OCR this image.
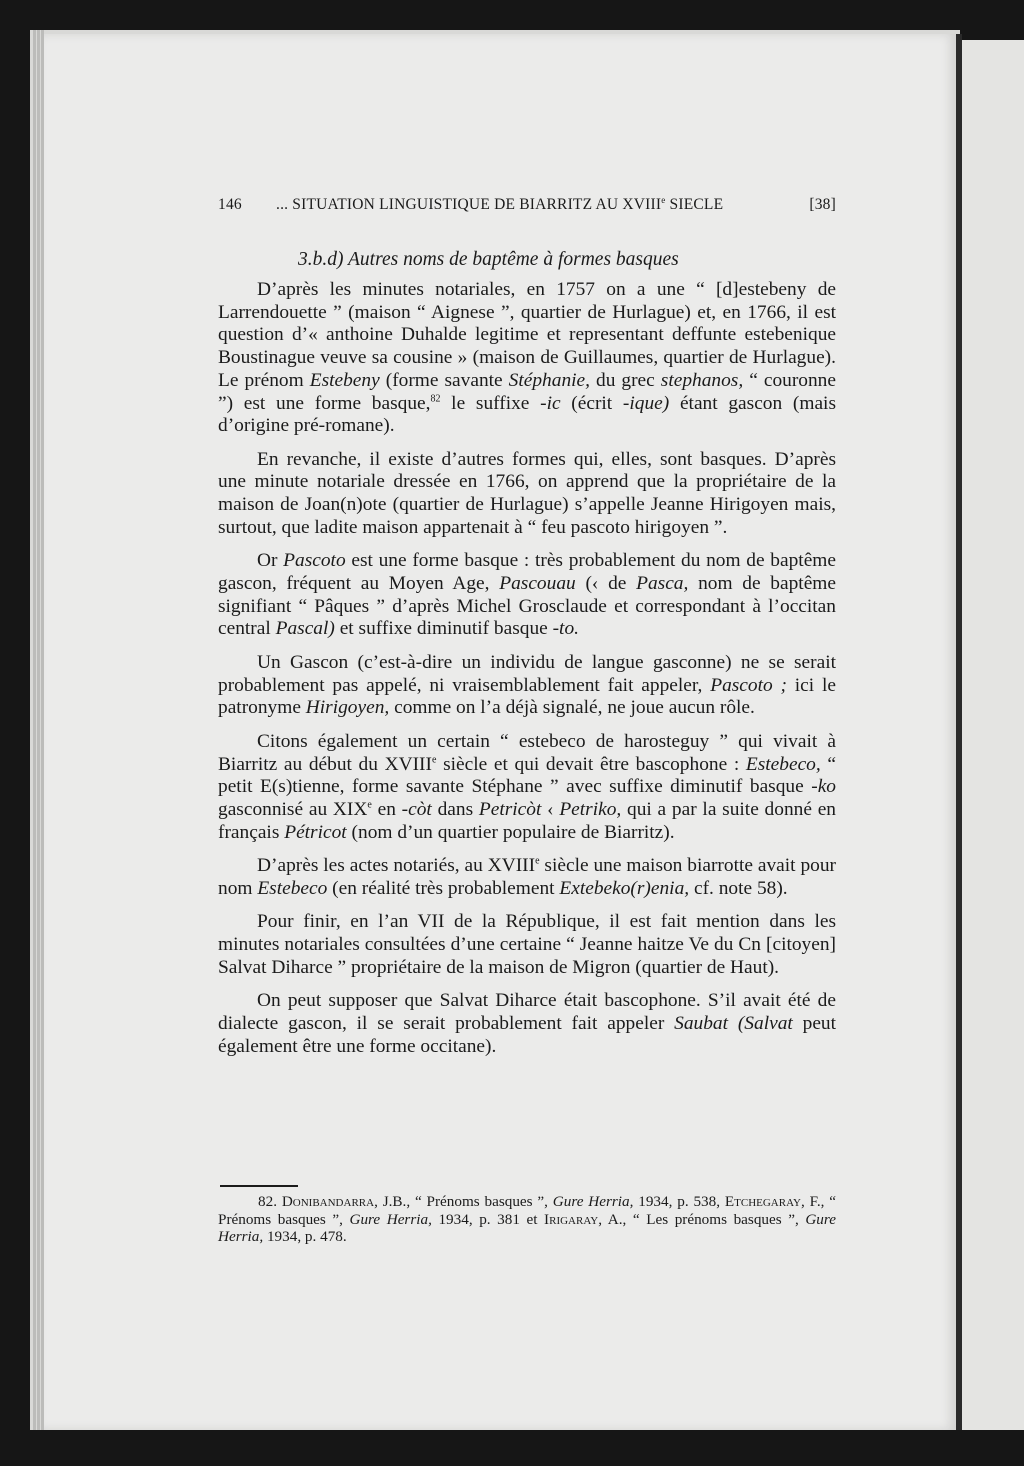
146 ... SITUATION LINGUISTIQUE DE BIARRITZ AU XVIIIe SIECLE	[38]
3.b.d) Autres noms de baptême à formes basques

D’après les minutes notariales, en 1757 on a une “ [d]estebeny de Larrendouette ” (maison “ Aignese ”, quartier de Hurlague) et, en 1766, il est question d’« anthoine Duhalde legitime et representant deffunte estebenique Boustinague veuve sa cousine » (maison de Guillaumes, quartier de Hurlague). Le prénom Estebeny (forme savante Stéphanie, du grec stephanos, “ couronne ”) est une forme basque,$^{82}$ le suffixe -ic (écrit -ique) étant gascon (mais d’origine pré-romane).

En revanche, il existe d’autres formes qui, elles, sont basques. D’après une minute notariale dressée en 1766, on apprend que la propriétaire de la maison de Joan(n)ote (quartier de Hurlague) s’appelle Jeanne Hirigoyen mais, surtout, que ladite maison appartenait à “ feu pascoto hirigoyen ”.

Or Pascoto est une forme basque : très probablement du nom de baptême gascon, fréquent au Moyen Age, Pascouau (‹ de Pasca, nom de baptême signifiant “ Pâques ” d’après Michel Grosclaude et correspondant à l’occitan central Pascal) et suffixe diminutif basque -to.

Un Gascon (c’est-à-dire un individu de langue gasconne) ne se serait probablement pas appelé, ni vraisemblablement fait appeler, Pascoto ; ici le patronyme Hirigoyen, comme on l’a déjà signalé, ne joue aucun rôle.

Citons également un certain “ estebeco de harosteguy ” qui vivait à Biarritz au début du XVIIIe siècle et qui devait être bascophone : Estebeco, “ petit E(s)tienne, forme savante Stéphane ” avec suffixe diminutif basque -ko gasconnisé au XIXe en -còt dans Petricòt ‹ Petriko, qui a par la suite donné en français Pétricot (nom d’un quartier populaire de Biarritz).

D’après les actes notariés, au XVIIIe siècle une maison biarrotte avait pour nom Estebeco (en réalité très probablement Extebeko(r)enia, cf. note 58).

Pour finir, en l’an VII de la République, il est fait mention dans les minutes notariales consultées d’une certaine “ Jeanne haitze Ve du Cn [citoyen] Salvat Diharce ” propriétaire de la maison de Migron (quartier de Haut).

On peut supposer que Salvat Diharce était bascophone. S’il avait été de dialecte gascon, il se serait probablement fait appeler Saubat (Salvat peut également être une forme occitane).

82. Donibandarra, J.B., “ Prénoms basques ”, Gure Herria, 1934, p. 538, Etchegaray, F., “ Prénoms basques ”, Gure Herria, 1934, p. 381 et Irigaray, A., “ Les prénoms basques ”, Gure Herria, 1934, p. 478.
